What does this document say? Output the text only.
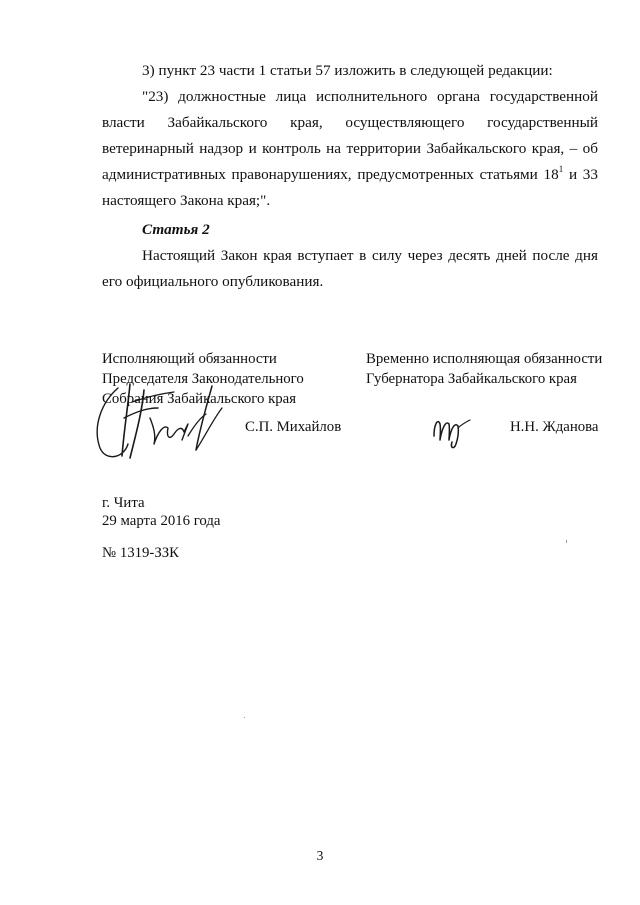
3) пункт 23 части 1 статьи 57 изложить в следующей редакции:
"23) должностные лица исполнительного органа государственной власти Забайкальского края, осуществляющего государственный ветеринарный надзор и контроль на территории Забайкальского края, – об административных правонарушениях, предусмотренных статьями $18^1$ и 33 настоящего Закона края;".
Статья 2
Настоящий Закон края вступает в силу через десять дней после дня его официального опубликования.
Исполняющий обязанности
Председателя Законодательного
Собрания Забайкальского края
С.П. Михайлов
Временно исполняющая обязанности
Губернатора Забайкальского края
Н.Н. Жданова
г. Чита
29 марта 2016 года
№ 1319-ЗЗК
3
